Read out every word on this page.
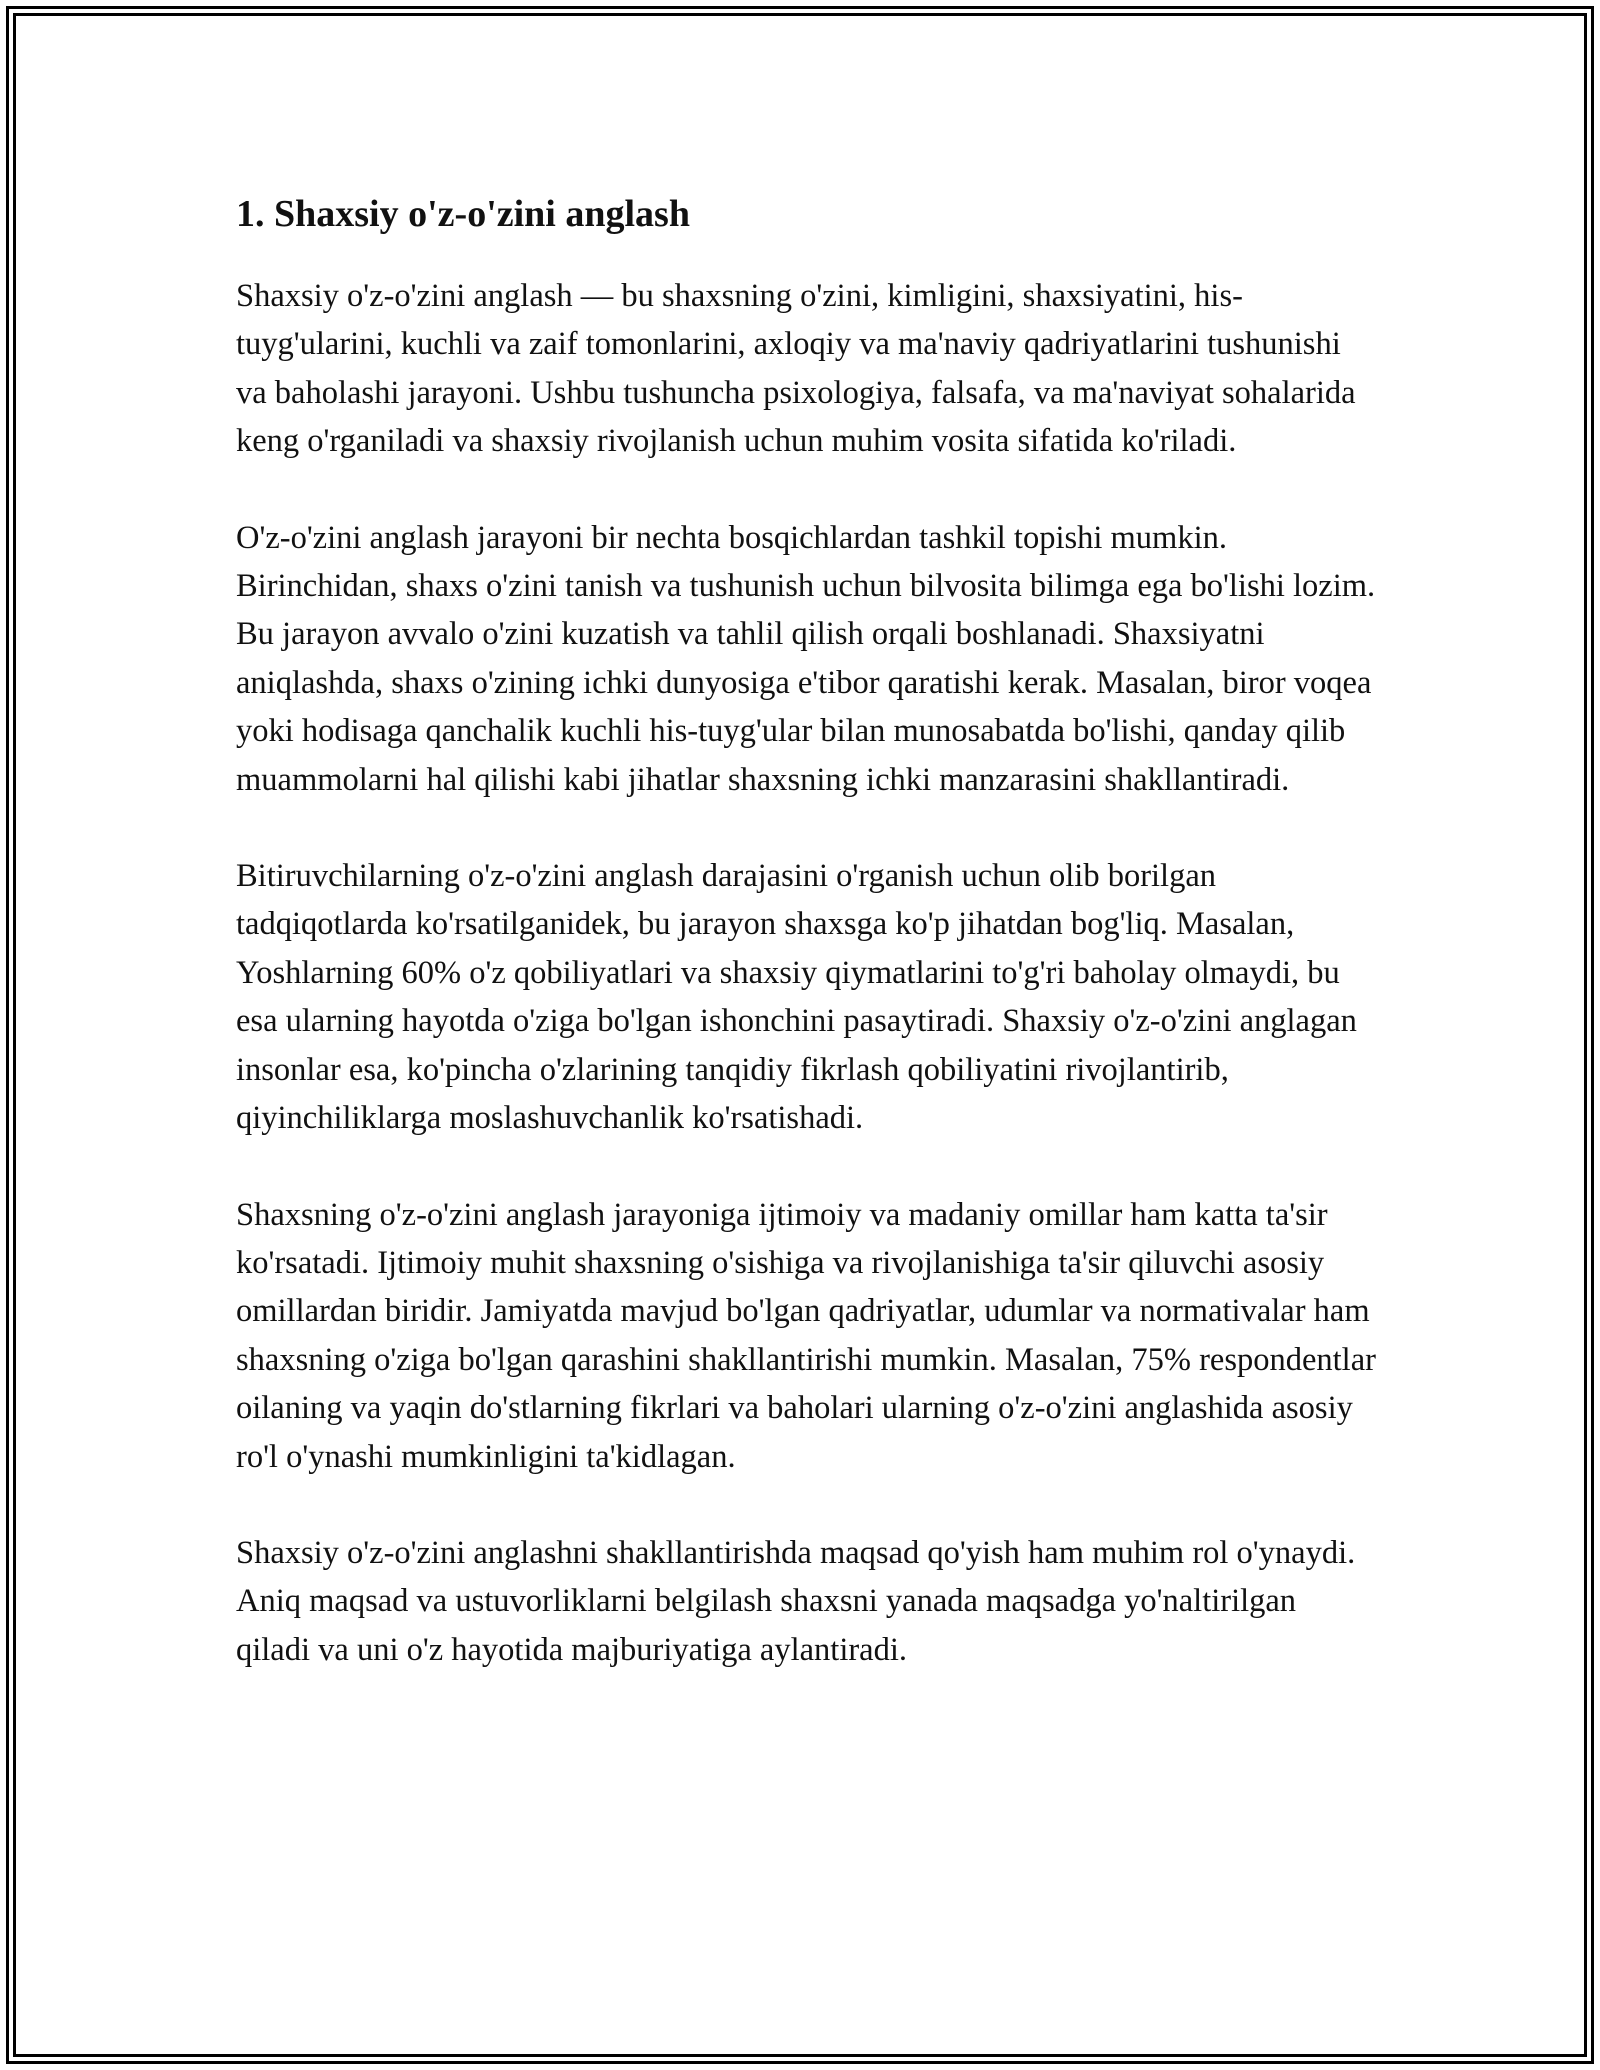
1. Shaxsiy o'z-o'zini anglash

Shaxsiy o'z-o'zini anglash — bu shaxsning o'zini, kimligini, shaxsiyatini, his-tuyg'ularini, kuchli va zaif tomonlarini, axloqiy va ma'naviy qadriyatlarini tushunishi va baholashi jarayoni. Ushbu tushuncha psixologiya, falsafa, va ma'naviyat sohalarida keng o'rganiladi va shaxsiy rivojlanish uchun muhim vosita sifatida ko'riladi.

O'z-o'zini anglash jarayoni bir nechta bosqichlardan tashkil topishi mumkin. Birinchidan, shaxs o'zini tanish va tushunish uchun bilvosita bilimga ega bo'lishi lozim. Bu jarayon avvalo o'zini kuzatish va tahlil qilish orqali boshlanadi. Shaxsiyatni aniqlashda, shaxs o'zining ichki dunyosiga e'tibor qaratishi kerak. Masalan, biror voqea yoki hodisaga qanchalik kuchli his-tuyg'ular bilan munosabatda bo'lishi, qanday qilib muammolarni hal qilishi kabi jihatlar shaxsning ichki manzarasini shakllantiradi.

Bitiruvchilarning o'z-o'zini anglash darajasini o'rganish uchun olib borilgan tadqiqotlarda ko'rsatilganidek, bu jarayon shaxsga ko'p jihatdan bog'liq. Masalan, Yoshlarning 60% o'z qobiliyatlari va shaxsiy qiymatlarini to'g'ri baholay olmaydi, bu esa ularning hayotda o'ziga bo'lgan ishonchini pasaytiradi. Shaxsiy o'z-o'zini anglagan insonlar esa, ko'pincha o'zlarining tanqidiy fikrlash qobiliyatini rivojlantirib, qiyinchiliklarga moslashuvchanlik ko'rsatishadi.

Shaxsning o'z-o'zini anglash jarayoniga ijtimoiy va madaniy omillar ham katta ta'sir ko'rsatadi. Ijtimoiy muhit shaxsning o'sishiga va rivojlanishiga ta'sir qiluvchi asosiy omillardan biridir. Jamiyatda mavjud bo'lgan qadriyatlar, udumlar va normativalar ham shaxsning o'ziga bo'lgan qarashini shakllantirishi mumkin. Masalan, 75% respondentlar oilaning va yaqin do'stlarning fikrlari va baholari ularning o'z-o'zini anglashida asosiy ro'l o'ynashi mumkinligini ta'kidlagan.

Shaxsiy o'z-o'zini anglashni shakllantirishda maqsad qo'yish ham muhim rol o'ynaydi. Aniq maqsad va ustuvorliklarni belgilash shaxsni yanada maqsadga yo'naltirilgan qiladi va uni o'z hayotida majburiyatiga aylantiradi.
